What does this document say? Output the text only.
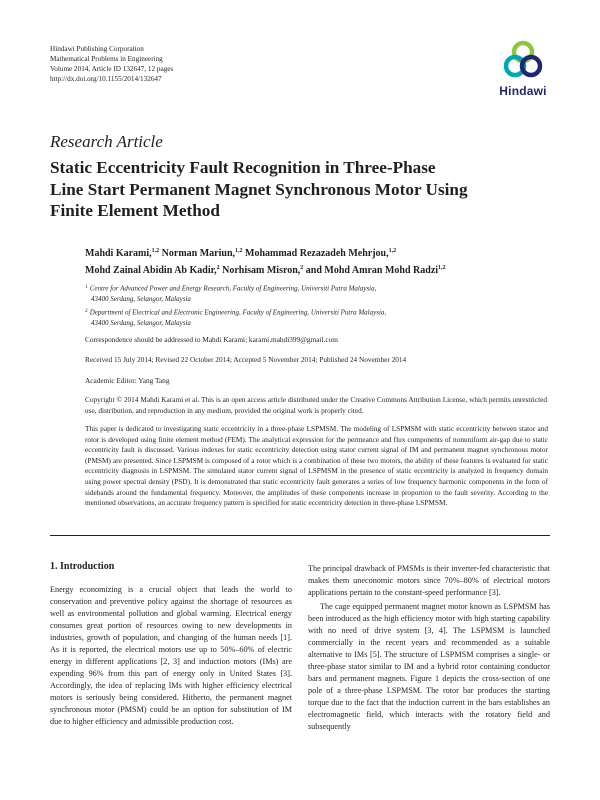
Hindawi Publishing Corporation
Mathematical Problems in Engineering
Volume 2014, Article ID 132647, 12 pages
http://dx.doi.org/10.1155/2014/132647
Hindawi
Research Article
Static Eccentricity Fault Recognition in Three-Phase
Line Start Permanent Magnet Synchronous Motor Using
Finite Element Method
Mahdi Karami,$^{1,2}$ Norman Mariun,$^{1,2}$ Mohammad Rezazadeh Mehrjou,$^{1,2}$
Mohd Zainal Abidin Ab Kadir,$^2$ Norhisam Misron,$^2$ and Mohd Amran Mohd Radzi$^{1,2}$
$^1$ Centre for Advanced Power and Energy Research, Faculty of Engineering, Universiti Putra Malaysia,
43400 Serdang, Selangor, Malaysia
$^2$ Department of Electrical and Electronic Engineering, Faculty of Engineering, Universiti Putra Malaysia,
43400 Serdang, Selangor, Malaysia
Correspondence should be addressed to Mahdi Karami; karami.mahdi399@gmail.com
Received 15 July 2014; Revised 22 October 2014; Accepted 5 November 2014; Published 24 November 2014
Academic Editor: Yang Tang
Copyright © 2014 Mahdi Karami et al. This is an open access article distributed under the Creative Commons Attribution License, which permits unrestricted use, distribution, and reproduction in any medium, provided the original work is properly cited.
This paper is dedicated to investigating static eccentricity in a three-phase LSPMSM. The modeling of LSPMSM with static eccentricity between stator and rotor is developed using finite element method (FEM). The analytical expression for the permeance and flux components of nonuniform air-gap due to static eccentricity fault is discussed. Various indexes for static eccentricity detection using stator current signal of IM and permanent magnet synchronous motor (PMSM) are presented. Since LSPMSM is composed of a rotor which is a combination of these two motors, the ability of these features is evaluated for static eccentricity diagnosis in LSPMSM. The simulated stator current signal of LSPMSM in the presence of static eccentricity is analyzed in frequency domain using power spectral density (PSD). It is demonstrated that static eccentricity fault generates a series of low frequency harmonic components in the form of sidebands around the fundamental frequency. Moreover, the amplitudes of these components increase in proportion to the fault severity. According to the mentioned observations, an accurate frequency pattern is specified for static eccentricity detection in three-phase LSPMSM.
1. Introduction

Energy economizing is a crucial object that leads the world to conservation and preventive policy against the shortage of resources as well as environmental pollution and global warming. Electrical energy consumes great portion of resources owing to new developments in industries, growth of population, and changing of the human needs [1]. As it is reported, the electrical motors use up to 50%–60% of electric energy in different applications [2, 3] and induction motors (IMs) are expending 96% from this part of energy only in United States [3]. Accordingly, the idea of replacing IMs with higher efficiency electrical motors is seriously being considered. Hitherto, the permanent magnet synchronous motor (PMSM) could be an option for substitution of IM due to higher efficiency and admissible production cost.

The principal drawback of PMSMs is their inverter-fed characteristic that makes them uneconomic motors since 70%–80% of electrical motors applications pertain to the constant-speed performance [3].

The cage equipped permanent magnet motor known as LSPMSM has been introduced as the high efficiency motor with high starting capability with no need of drive system [3, 4]. The LSPMSM is launched commercially in the recent years and recommended as a suitable alternative to IMs [5]. The structure of LSPMSM comprises a single- or three-phase stator similar to IM and a hybrid rotor containing conductor bars and permanent magnets. Figure 1 depicts the cross-section of one pole of a three-phase LSPMSM. The rotor bar produces the starting torque due to the fact that the induction current in the bars establishes an electromagnetic field, which interacts with the rotatory field and subsequently
